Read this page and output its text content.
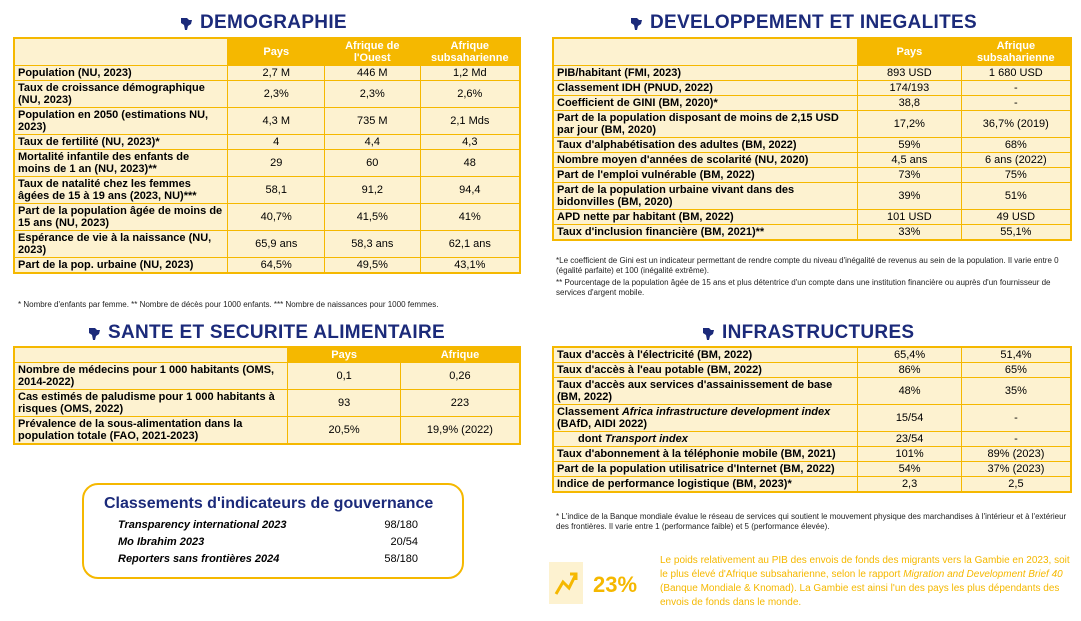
DEMOGRAPHIE
	Pays	Afrique de l'Ouest	Afrique subsaharienne
Population (NU, 2023)	2,7 M	446 M	1,2 Md
Taux de croissance démographique (NU, 2023)	2,3%	2,3%	2,6%
Population en 2050 (estimations NU, 2023)	4,3 M	735 M	2,1 Mds
Taux de fertilité (NU, 2023)*	4	4,4	4,3
Mortalité infantile des enfants de moins de 1 an (NU, 2023)**	29	60	48
Taux de natalité chez les femmes âgées de 15 à 19 ans (2023, NU)***	58,1	91,2	94,4
Part de la population âgée de moins de 15 ans (NU, 2023)	40,7%	41,5%	41%
Espérance de vie à la naissance (NU, 2023)	65,9 ans	58,3 ans	62,1 ans
Part de la pop. urbaine (NU, 2023)	64,5%	49,5%	43,1%
* Nombre d'enfants par femme. ** Nombre de décès pour 1000 enfants. *** Nombre de naissances pour 1000 femmes.
SANTE ET SECURITE ALIMENTAIRE
	Pays	Afrique
Nombre de médecins pour 1 000 habitants (OMS, 2014-2022)	0,1	0,26
Cas estimés de paludisme pour 1 000 habitants à risques (OMS, 2022)	93	223
Prévalence de la sous-alimentation dans la population totale (FAO, 2021-2023)	20,5%	19,9% (2022)
Classements d'indicateurs de gouvernance
Transparency international 2023	98/180
Mo Ibrahim 2023	20/54
Reporters sans frontières 2024	58/180
DEVELOPPEMENT ET INEGALITES
	Pays	Afrique subsaharienne
PIB/habitant (FMI, 2023)	893 USD	1 680 USD
Classement IDH (PNUD, 2022)	174/193	-
Coefficient de GINI (BM, 2020)*	38,8	-
Part de la population disposant de moins de 2,15 USD par jour (BM, 2020)	17,2%	36,7% (2019)
Taux d'alphabétisation des adultes (BM, 2022)	59%	68%
Nombre moyen d'années de scolarité (NU, 2020)	4,5 ans	6 ans (2022)
Part de l'emploi vulnérable (BM, 2022)	73%	75%
Part de la population urbaine vivant dans des bidonvilles (BM, 2020)	39%	51%
APD nette par habitant (BM, 2022)	101 USD	49 USD
Taux d'inclusion financière (BM, 2021)**	33%	55,1%
*Le coefficient de Gini est un indicateur permettant de rendre compte du niveau d'inégalité de revenus au sein de la population. Il varie entre 0 (égalité parfaite) et 100 (inégalité extrême).
** Pourcentage de la population âgée de 15 ans et plus détentrice d'un compte dans une institution financière ou auprès d'un fournisseur de services d'argent mobile.
INFRASTRUCTURES
Taux d'accès à l'électricité (BM, 2022)	65,4%	51,4%
Taux d'accès à l'eau potable (BM, 2022)	86%	65%
Taux d'accès aux services d'assainissement de base (BM, 2022)	48%	35%
Classement Africa infrastructure development index (BAfD, AIDI 2022)	15/54	-
dont Transport index	23/54	-
Taux d'abonnement à la téléphonie mobile (BM, 2021)	101%	89% (2023)
Part de la population utilisatrice d'Internet (BM, 2022)	54%	37% (2023)
Indice de performance logistique (BM, 2023)*	2,3	2,5
* L'indice de la Banque mondiale évalue le réseau de services qui soutient le mouvement physique des marchandises à l'intérieur et à l'extérieur des frontières. Il varie entre 1 (performance faible) et 5 (performance élevée).
23%
Le poids relativement au PIB des envois de fonds des migrants vers la Gambie en 2023, soit le plus élevé d'Afrique subsaharienne, selon le rapport Migration and Development Brief 40 (Banque Mondiale & Knomad). La Gambie est ainsi l'un des pays les plus dépendants des envois de fonds dans le monde.
